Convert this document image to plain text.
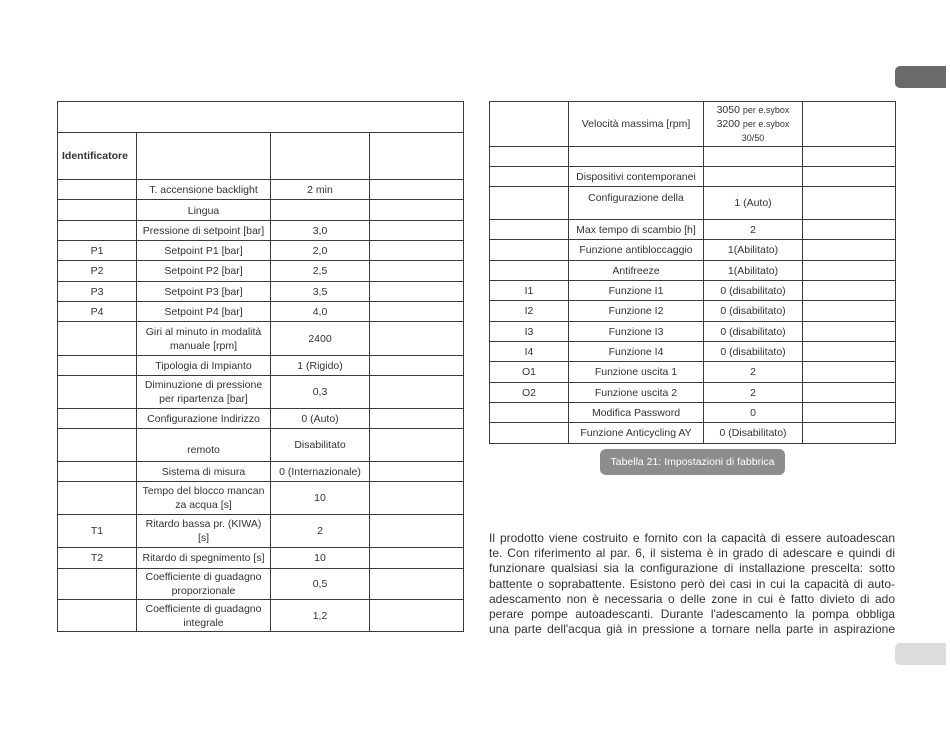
Identificatore			
	T. accensione backlight	2 min	
	Lingua		
	Pressione di setpoint [bar]	3,0	
P1	Setpoint P1 [bar]	2,0	
P2	Setpoint P2 [bar]	2,5	
P3	Setpoint P3 [bar]	3,5	
P4	Setpoint P4 [bar]	4,0	
	Giri al minuto in modalità manuale [rpm]	2400	
	Tipologia di Impianto	1 (Rigido)	
	Diminuzione di pressione per ripartenza [bar]	0,3	
	Configurazione Indirizzo	0 (Auto)	
	remoto	Disabilitato	
	Sistema di misura	0 (Internazionale)	
	Tempo del blocco mancan za acqua [s]	10	
T1	Ritardo bassa pr. (KIWA) [s]	2	
T2	Ritardo di spegnimento [s]	10	
	Coefficiente di guadagno proporzionale	0,5	
	Coefficiente di guadagno integrale	1,2	
	Velocità massima [rpm]	3050 per e.sybox
3200 per e.sybox 30/50	

	Dispositivi contemporanei		
	Configurazione della	1 (Auto)	
	Max tempo di scambio [h]	2	
	Funzione antibloccaggio	1(Abilitato)	
	Antifreeze	1(Abilitato)	
I1	Funzione I1	0 (disabilitato)	
I2	Funzione I2	0 (disabilitato)	
I3	Funzione I3	0 (disabilitato)	
I4	Funzione I4	0 (disabilitato)	
O1	Funzione uscita 1	2	
O2	Funzione uscita 2	2	
	Modifica Password	0	
	Funzione Anticycling AY	0 (Disabilitato)	
Tabella 21: Impostazioni di fabbrica
Il prodotto viene costruito e fornito con la capacità di essere autoadescan
te. Con riferimento al par. 6, il sistema è in grado di adescare e quindi di
funzionare qualsiasi sia la configurazione di installazione prescelta: sotto
battente o soprabattente. Esistono però dei casi in cui la capacità di auto-
adescamento non è necessaria o delle zone in cui è fatto divieto di ado
perare pompe autoadescanti. Durante l'adescamento la pompa obbliga
una parte dell'acqua già in pressione a tornare nella parte in aspirazione
